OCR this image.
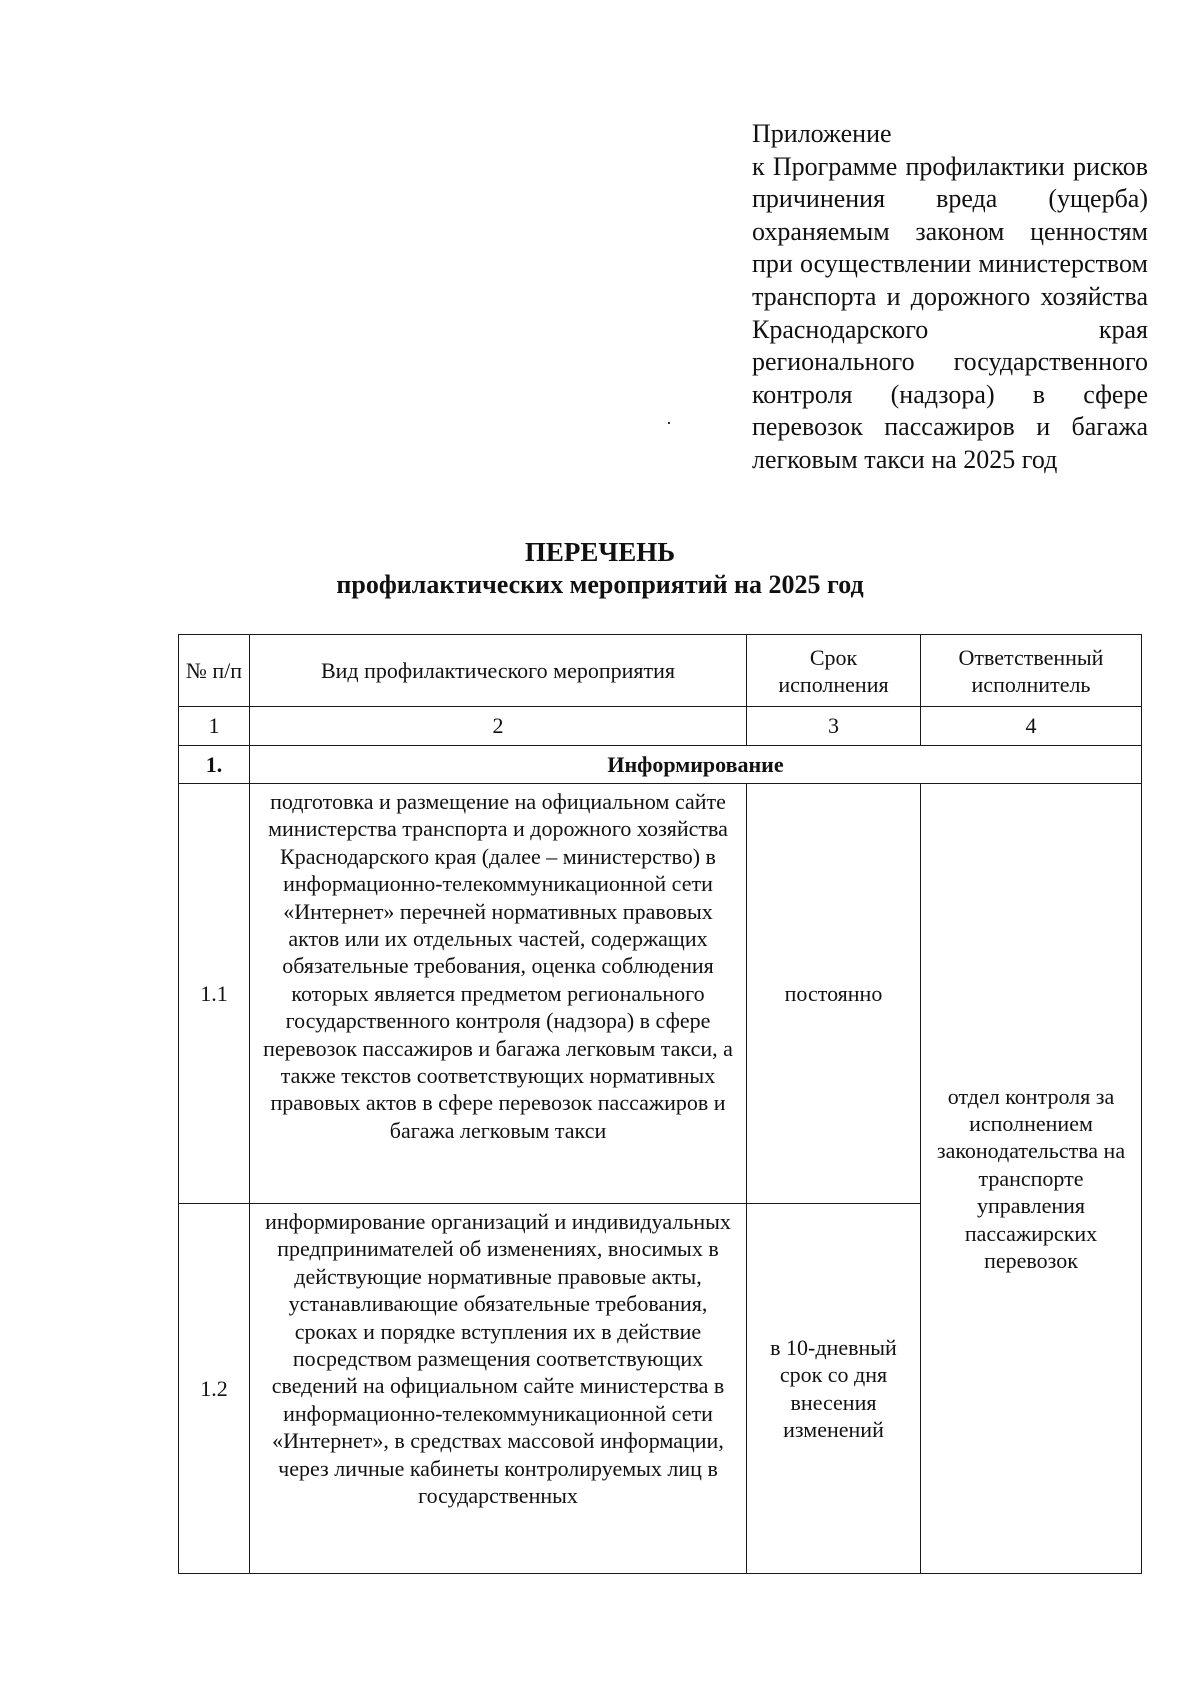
Приложение
к Программе профилактики рисков причинения вреда (ущерба) охраняемым законом ценностям при осуществлении министерством транспорта и дорожного хозяйства Краснодарского края регионального государственного контроля (надзора) в сфере перевозок пассажиров и багажа легковым такси на 2025 год
ПЕРЕЧЕНЬ
профилактических мероприятий на 2025 год
№ п/п	Вид профилактического мероприятия	Срок исполнения	Ответственный исполнитель
1	2	3	4
1.	Информирование		
1.1	подготовка и размещение на официальном сайте министерства транспорта и дорожного хозяйства Краснодарского края (далее – министерство) в информационно-телекоммуникационной сети «Интернет» перечней нормативных правовых актов или их отдельных частей, содержащих обязательные требования, оценка соблюдения которых является предметом регионального государственного контроля (надзора) в сфере перевозок пассажиров и багажа легковым такси, а также текстов соответствующих нормативных правовых актов в сфере перевозок пассажиров и багажа легковым такси	постоянно	отдел контроля за исполнением законодательства на транспорте управления пассажирских перевозок
1.2	информирование организаций и индивидуальных предпринимателей об изменениях, вносимых в действующие нормативные правовые акты, устанавливающие обязательные требования, сроках и порядке вступления их в действие посредством размещения соответствующих сведений на официальном сайте министерства в информационно-телекоммуникационной сети «Интернет», в средствах массовой информации, через личные кабинеты контролируемых лиц в государственных	в 10-дневный срок со дня внесения изменений	
